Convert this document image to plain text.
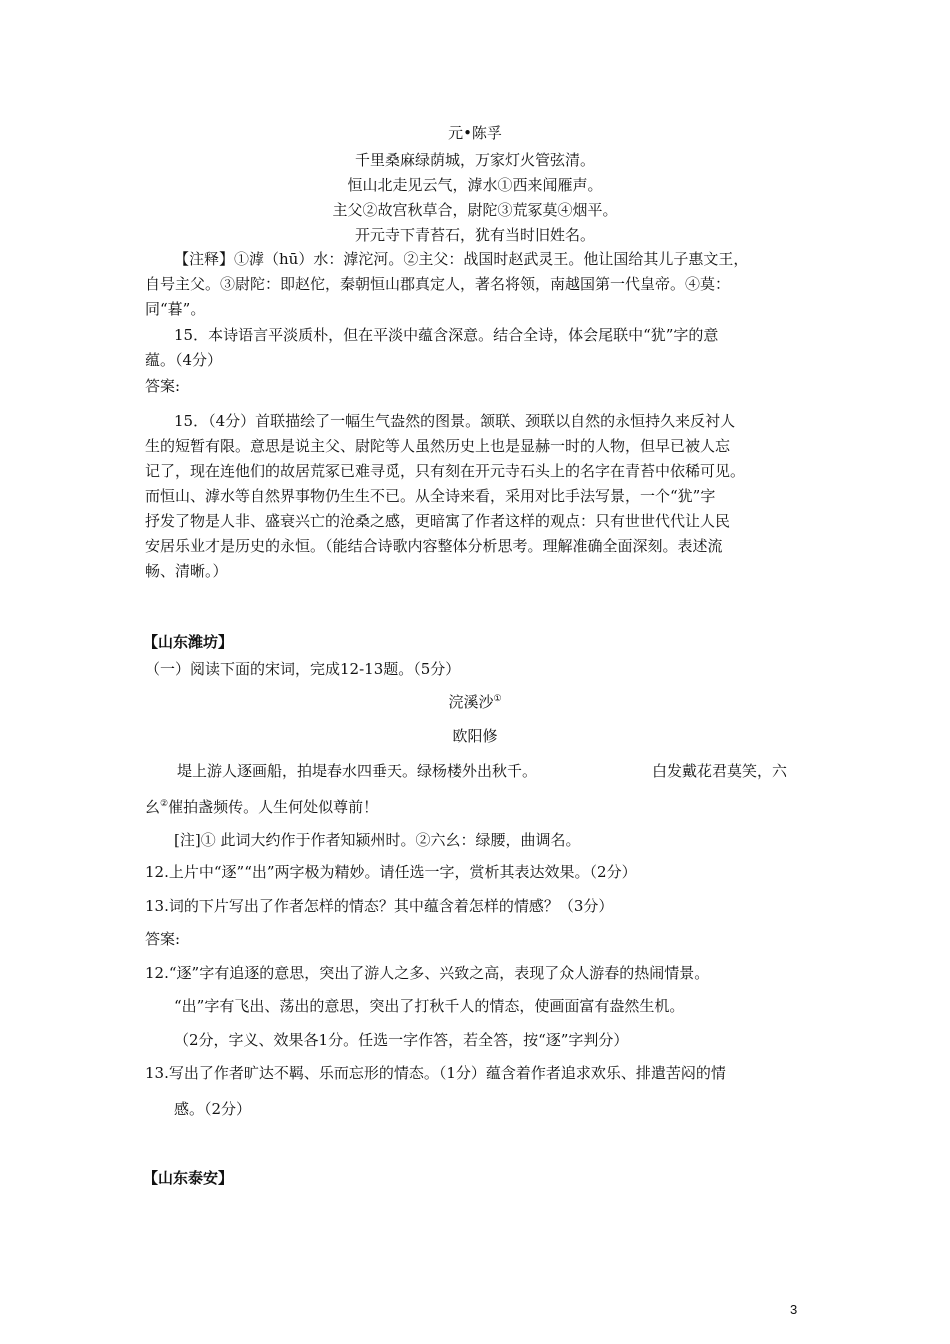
元•陈孚
千里桑麻绿荫城，万家灯火管弦清。
恒山北走见云气，滹水①西来闻雁声。
主父②故宫秋草合，尉陀③荒冢莫④烟平。
开元寺下青苔石，犹有当时旧姓名。
【注释】①滹（hū）水：滹沱河。②主父：战国时赵武灵王。他让国给其儿子惠文王，
自号主父。③尉陀：即赵佗，秦朝恒山郡真定人，著名将领，南越国第一代皇帝。④莫：
同“暮”。
15．本诗语言平淡质朴，但在平淡中蕴含深意。结合全诗，体会尾联中“犹”字的意
蕴。（4分）
答案:
15．（4分）首联描绘了一幅生气盎然的图景。颔联、颈联以自然的永恒持久来反衬人
生的短暂有限。意思是说主父、尉陀等人虽然历史上也是显赫一时的人物，但早已被人忘
记了，现在连他们的故居荒冢已难寻觅，只有刻在开元寺石头上的名字在青苔中依稀可见。
而恒山、滹水等自然界事物仍生生不已。从全诗来看，采用对比手法写景，一个“犹”字
抒发了物是人非、盛衰兴亡的沧桑之感，更暗寓了作者这样的观点：只有世世代代让人民
安居乐业才是历史的永恒。（能结合诗歌内容整体分析思考。理解准确全面深刻。表述流
畅、清晰。）
【山东潍坊】
（一）阅读下面的宋词，完成12-13题。（5分）
浣溪沙①
欧阳修
堤上游人逐画船，拍堤春水四垂天。绿杨楼外出秋千。	白发戴花君莫笑，六
幺②催拍盏频传。人生何处似尊前！
[注]① 此词大约作于作者知颍州时。②六幺：绿腰，曲调名。
12.上片中“逐”“出”两字极为精妙。请任选一字，赏析其表达效果。（2分）
13.词的下片写出了作者怎样的情态？其中蕴含着怎样的情感？（3分）
答案:
12.“逐”字有追逐的意思，突出了游人之多、兴致之高，表现了众人游春的热闹情景。
“出”字有飞出、荡出的意思，突出了打秋千人的情态，使画面富有盎然生机。
（2分，字义、效果各1分。任选一字作答，若全答，按“逐”字判分）
13.写出了作者旷达不羁、乐而忘形的情态。（1分）蕴含着作者追求欢乐、排遣苦闷的情
感。（2分）
【山东泰安】
3
